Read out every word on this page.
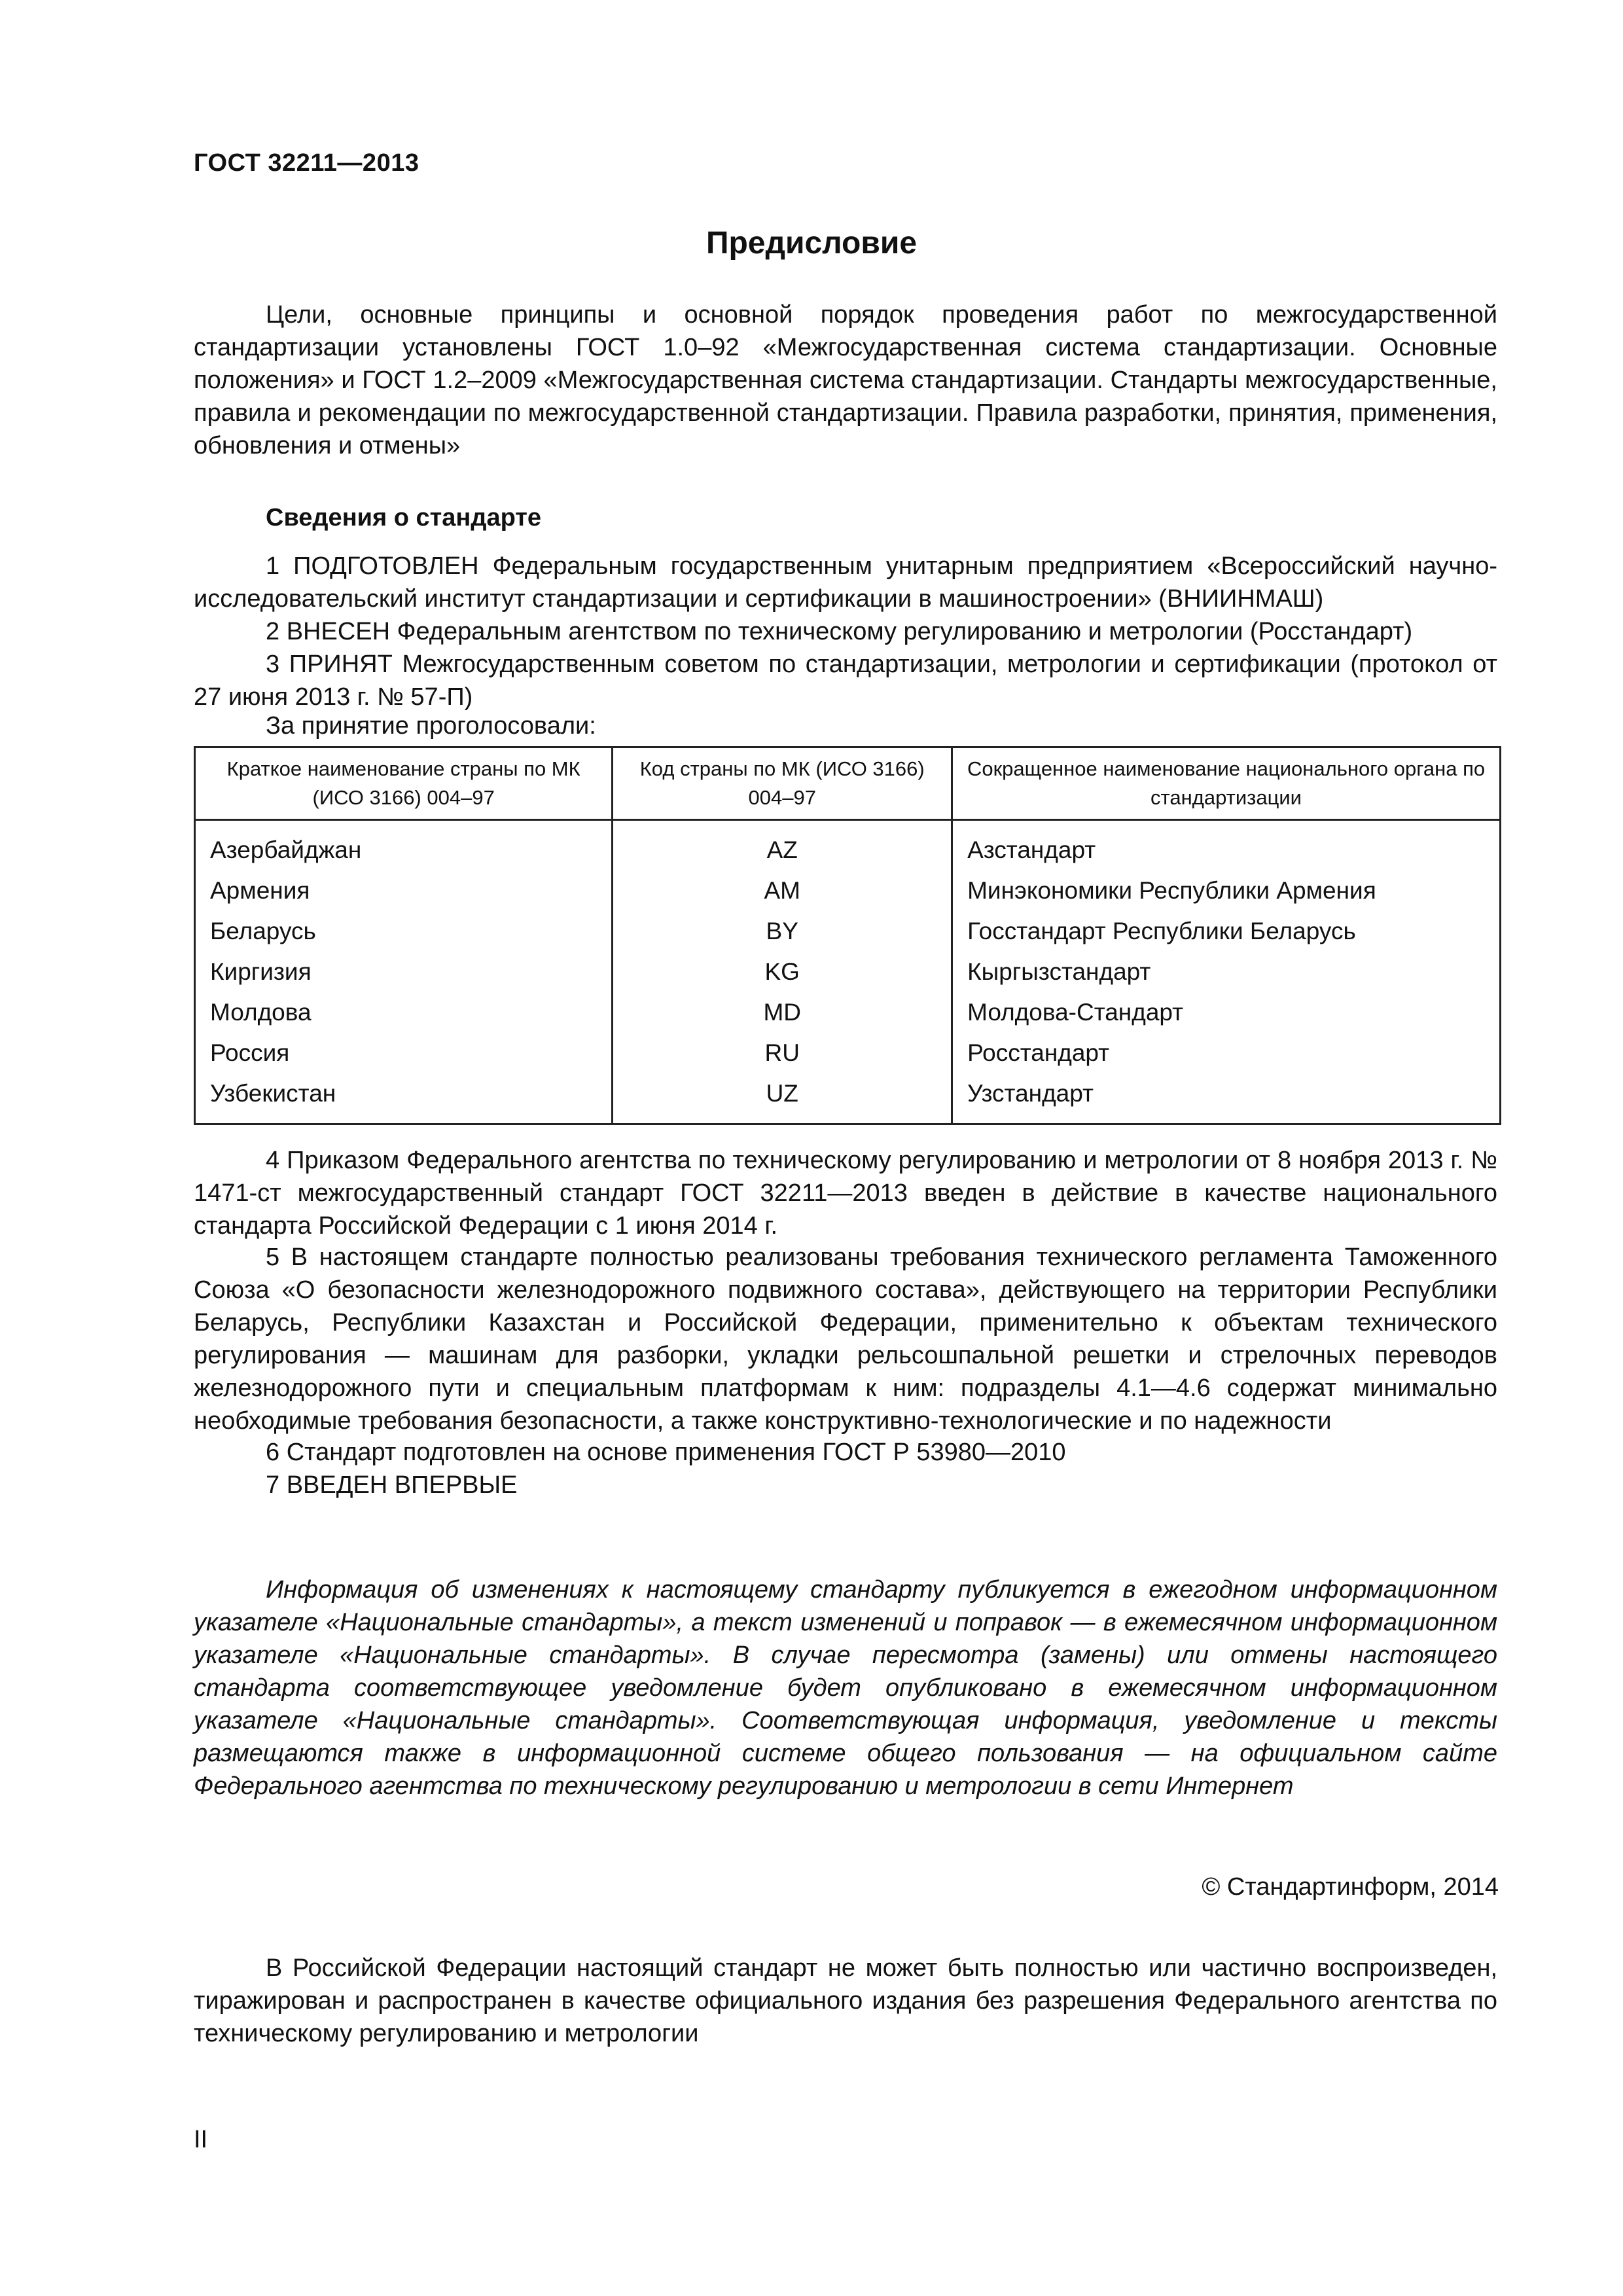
ГОСТ 32211—2013
Предисловие
Цели, основные принципы и основной порядок проведения работ по межгосударственной стандартизации установлены ГОСТ 1.0–92 «Межгосударственная система стандартизации. Основные положения» и ГОСТ 1.2–2009 «Межгосударственная система стандартизации. Стандарты межгосударственные, правила и рекомендации по межгосударственной стандартизации. Правила разработки, принятия, применения, обновления и отмены»
Сведения о стандарте
1 ПОДГОТОВЛЕН Федеральным государственным унитарным предприятием «Всероссийский научно-исследовательский институт стандартизации и сертификации в машиностроении» (ВНИИНМАШ)
2 ВНЕСЕН Федеральным агентством по техническому регулированию и метрологии (Росстандарт)
3 ПРИНЯТ Межгосударственным советом по стандартизации, метрологии и сертификации (протокол от 27 июня 2013 г. № 57-П)
За принятие проголосовали:
Краткое наименование страны по МК (ИСО 3166) 004–97	Код страны по МК (ИСО 3166) 004–97	Сокращенное наименование национального органа по стандартизации
Азербайджан	AZ	Азстандарт
Армения	AM	Минэкономики Республики Армения
Беларусь	BY	Госстандарт Республики Беларусь
Киргизия	KG	Кыргызстандарт
Молдова	MD	Молдова-Стандарт
Россия	RU	Росстандарт
Узбекистан	UZ	Узстандарт
4 Приказом Федерального агентства по техническому регулированию и метрологии от 8 ноября 2013 г. № 1471-ст межгосударственный стандарт ГОСТ 32211—2013 введен в действие в качестве национального стандарта Российской Федерации с 1 июня 2014 г.
5 В настоящем стандарте полностью реализованы требования технического регламента Таможенного Союза «О безопасности железнодорожного подвижного состава», действующего на территории Республики Беларусь, Республики Казахстан и Российской Федерации, применительно к объектам технического регулирования — машинам для разборки, укладки рельсошпальной решетки и стрелочных переводов железнодорожного пути и специальным платформам к ним: подразделы 4.1—4.6 содержат минимально необходимые требования безопасности, а также конструктивно-технологические и по надежности
6 Стандарт подготовлен на основе применения ГОСТ Р 53980—2010
7 ВВЕДЕН ВПЕРВЫЕ
Информация об изменениях к настоящему стандарту публикуется в ежегодном информационном указателе «Национальные стандарты», а текст изменений и поправок — в ежемесячном информационном указателе «Национальные стандарты». В случае пересмотра (замены) или отмены настоящего стандарта соответствующее уведомление будет опубликовано в ежемесячном информационном указателе «Национальные стандарты». Соответствующая информация, уведомление и тексты размещаются также в информационной системе общего пользования — на официальном сайте Федерального агентства по техническому регулированию и метрологии в сети Интернет
© Стандартинформ, 2014
В Российской Федерации настоящий стандарт не может быть полностью или частично воспроизведен, тиражирован и распространен в качестве официального издания без разрешения Федерального агентства по техническому регулированию и метрологии
II
